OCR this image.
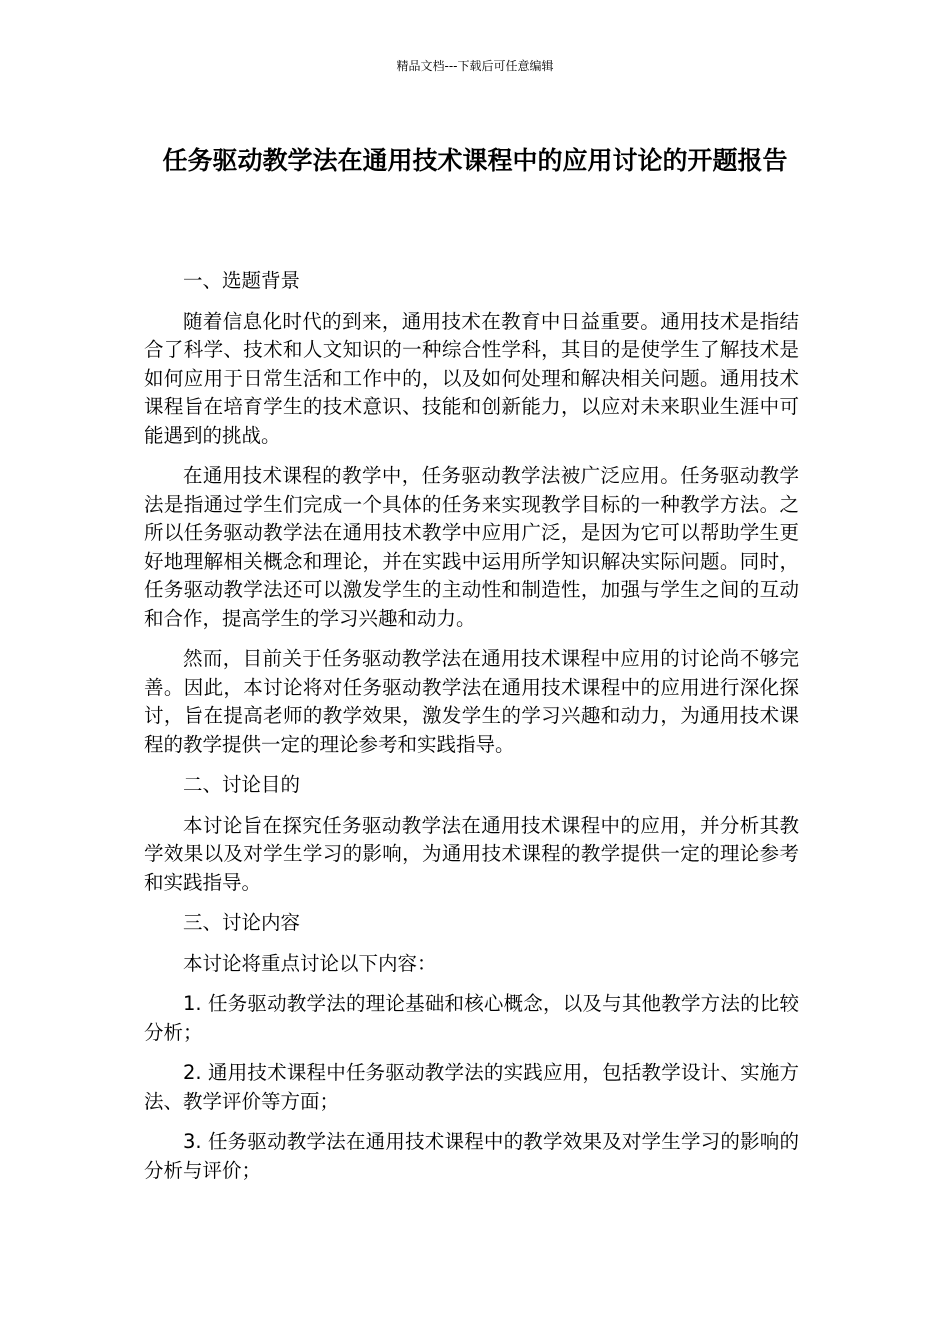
精品文档---下载后可任意编辑
任务驱动教学法在通用技术课程中的应用讨论的开题报告

一、选题背景

随着信息化时代的到来，通用技术在教育中日益重要。通用技术是指结合了科学、技术和人文知识的一种综合性学科，其目的是使学生了解技术是如何应用于日常生活和工作中的，以及如何处理和解决相关问题。通用技术课程旨在培育学生的技术意识、技能和创新能力，以应对未来职业生涯中可能遇到的挑战。

在通用技术课程的教学中，任务驱动教学法被广泛应用。任务驱动教学法是指通过学生们完成一个具体的任务来实现教学目标的一种教学方法。之所以任务驱动教学法在通用技术教学中应用广泛，是因为它可以帮助学生更好地理解相关概念和理论，并在实践中运用所学知识解决实际问题。同时，任务驱动教学法还可以激发学生的主动性和制造性，加强与学生之间的互动和合作，提高学生的学习兴趣和动力。

然而，目前关于任务驱动教学法在通用技术课程中应用的讨论尚不够完善。因此，本讨论将对任务驱动教学法在通用技术课程中的应用进行深化探讨，旨在提高老师的教学效果，激发学生的学习兴趣和动力，为通用技术课程的教学提供一定的理论参考和实践指导。

二、讨论目的

本讨论旨在探究任务驱动教学法在通用技术课程中的应用，并分析其教学效果以及对学生学习的影响，为通用技术课程的教学提供一定的理论参考和实践指导。

三、讨论内容

本讨论将重点讨论以下内容：

1. 任务驱动教学法的理论基础和核心概念，以及与其他教学方法的比较分析；

2. 通用技术课程中任务驱动教学法的实践应用，包括教学设计、实施方法、教学评价等方面；

3. 任务驱动教学法在通用技术课程中的教学效果及对学生学习的影响的分析与评价；
